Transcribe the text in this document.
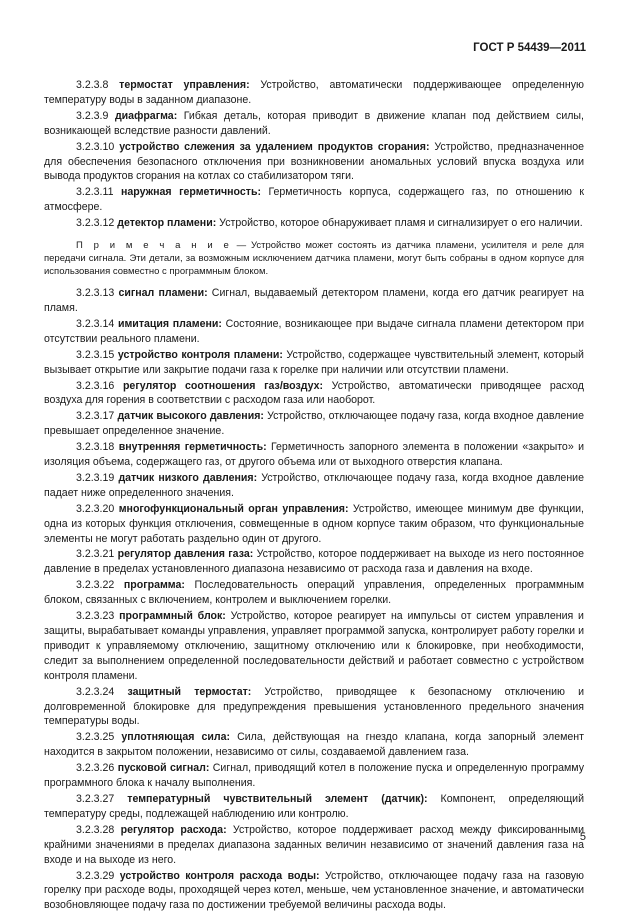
ГОСТ Р 54439—2011

3.2.3.8 термостат управления: Устройство, автоматически поддерживающее определенную температуру воды в заданном диапазоне.

3.2.3.9 диафрагма: Гибкая деталь, которая приводит в движение клапан под действием силы, возникающей вследствие разности давлений.

3.2.3.10 устройство слежения за удалением продуктов сгорания: Устройство, предназначенное для обеспечения безопасного отключения при возникновении аномальных условий впуска воздуха или вывода продуктов сгорания на котлах со стабилизатором тяги.

3.2.3.11 наружная герметичность: Герметичность корпуса, содержащего газ, по отношению к атмосфере.

3.2.3.12 детектор пламени: Устройство, которое обнаруживает пламя и сигнализирует о его наличии.

П р и м е ч а н и е — Устройство может состоять из датчика пламени, усилителя и реле для передачи сигнала. Эти детали, за возможным исключением датчика пламени, могут быть собраны в одном корпусе для использования совместно с программным блоком.

3.2.3.13 сигнал пламени: Сигнал, выдаваемый детектором пламени, когда его датчик реагирует на пламя.

3.2.3.14 имитация пламени: Состояние, возникающее при выдаче сигнала пламени детектором при отсутствии реального пламени.

3.2.3.15 устройство контроля пламени: Устройство, содержащее чувствительный элемент, который вызывает открытие или закрытие подачи газа к горелке при наличии или отсутствии пламени.

3.2.3.16 регулятор соотношения газ/воздух: Устройство, автоматически приводящее расход воздуха для горения в соответствии с расходом газа или наоборот.

3.2.3.17 датчик высокого давления: Устройство, отключающее подачу газа, когда входное давление превышает определенное значение.

3.2.3.18 внутренняя герметичность: Герметичность запорного элемента в положении «закрыто» и изоляция объема, содержащего газ, от другого объема или от выходного отверстия клапана.

3.2.3.19 датчик низкого давления: Устройство, отключающее подачу газа, когда входное давление падает ниже определенного значения.

3.2.3.20 многофункциональный орган управления: Устройство, имеющее минимум две функции, одна из которых функция отключения, совмещенные в одном корпусе таким образом, что функциональные элементы не могут работать раздельно один от другого.

3.2.3.21 регулятор давления газа: Устройство, которое поддерживает на выходе из него постоянное давление в пределах установленного диапазона независимо от расхода газа и давления на входе.

3.2.3.22 программа: Последовательность операций управления, определенных программным блоком, связанных с включением, контролем и выключением горелки.

3.2.3.23 программный блок: Устройство, которое реагирует на импульсы от систем управления и защиты, вырабатывает команды управления, управляет программой запуска, контролирует работу горелки и приводит к управляемому отключению, защитному отключению или к блокировке, при необходимости, следит за выполнением определенной последовательности действий и работает совместно с устройством контроля пламени.

3.2.3.24 защитный термостат: Устройство, приводящее к безопасному отключению и долговременной блокировке для предупреждения превышения установленного предельного значения температуры воды.

3.2.3.25 уплотняющая сила: Сила, действующая на гнездо клапана, когда запорный элемент находится в закрытом положении, независимо от силы, создаваемой давлением газа.

3.2.3.26 пусковой сигнал: Сигнал, приводящий котел в положение пуска и определенную программу программного блока к началу выполнения.

3.2.3.27 температурный чувствительный элемент (датчик): Компонент, определяющий температуру среды, подлежащей наблюдению или контролю.

3.2.3.28 регулятор расхода: Устройство, которое поддерживает расход между фиксированными крайними значениями в пределах диапазона заданных величин независимо от значений давления газа на входе и на выходе из него.

3.2.3.29 устройство контроля расхода воды: Устройство, отключающее подачу газа на газовую горелку при расходе воды, проходящей через котел, меньше, чем установленное значение, и автоматически возобновляющее подачу газа по достижении требуемой величины расхода воды.

5
